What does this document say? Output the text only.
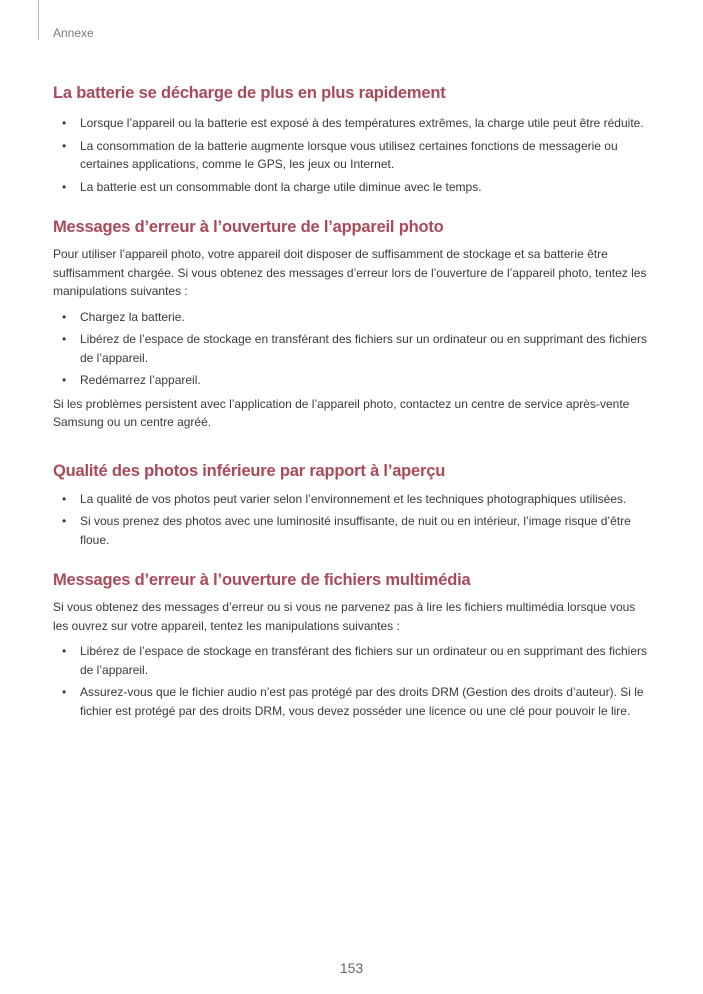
Annexe
La batterie se décharge de plus en plus rapidement
• Lorsque l’appareil ou la batterie est exposé à des températures extrêmes, la charge utile peut être réduite.
• La consommation de la batterie augmente lorsque vous utilisez certaines fonctions de messagerie ou certaines applications, comme le GPS, les jeux ou Internet.
• La batterie est un consommable dont la charge utile diminue avec le temps.
Messages d’erreur à l’ouverture de l’appareil photo

Pour utiliser l’appareil photo, votre appareil doit disposer de suffisamment de stockage et sa batterie être suffisamment chargée. Si vous obtenez des messages d’erreur lors de l’ouverture de l’appareil photo, tentez les manipulations suivantes :

• Chargez la batterie.
• Libérez de l’espace de stockage en transférant des fichiers sur un ordinateur ou en supprimant des fichiers de l’appareil.
• Redémarrez l’appareil.

Si les problèmes persistent avec l’application de l’appareil photo, contactez un centre de service après-vente Samsung ou un centre agréé.

Qualité des photos inférieure par rapport à l’aperçu
• La qualité de vos photos peut varier selon l’environnement et les techniques photographiques utilisées.
• Si vous prenez des photos avec une luminosité insuffisante, de nuit ou en intérieur, l’image risque d’être floue.
Messages d’erreur à l’ouverture de fichiers multimédia

Si vous obtenez des messages d’erreur ou si vous ne parvenez pas à lire les fichiers multimédia lorsque vous les ouvrez sur votre appareil, tentez les manipulations suivantes :

• Libérez de l’espace de stockage en transférant des fichiers sur un ordinateur ou en supprimant des fichiers de l’appareil.
• Assurez-vous que le fichier audio n’est pas protégé par des droits DRM (Gestion des droits d’auteur). Si le fichier est protégé par des droits DRM, vous devez posséder une licence ou une clé pour pouvoir le lire.
153
